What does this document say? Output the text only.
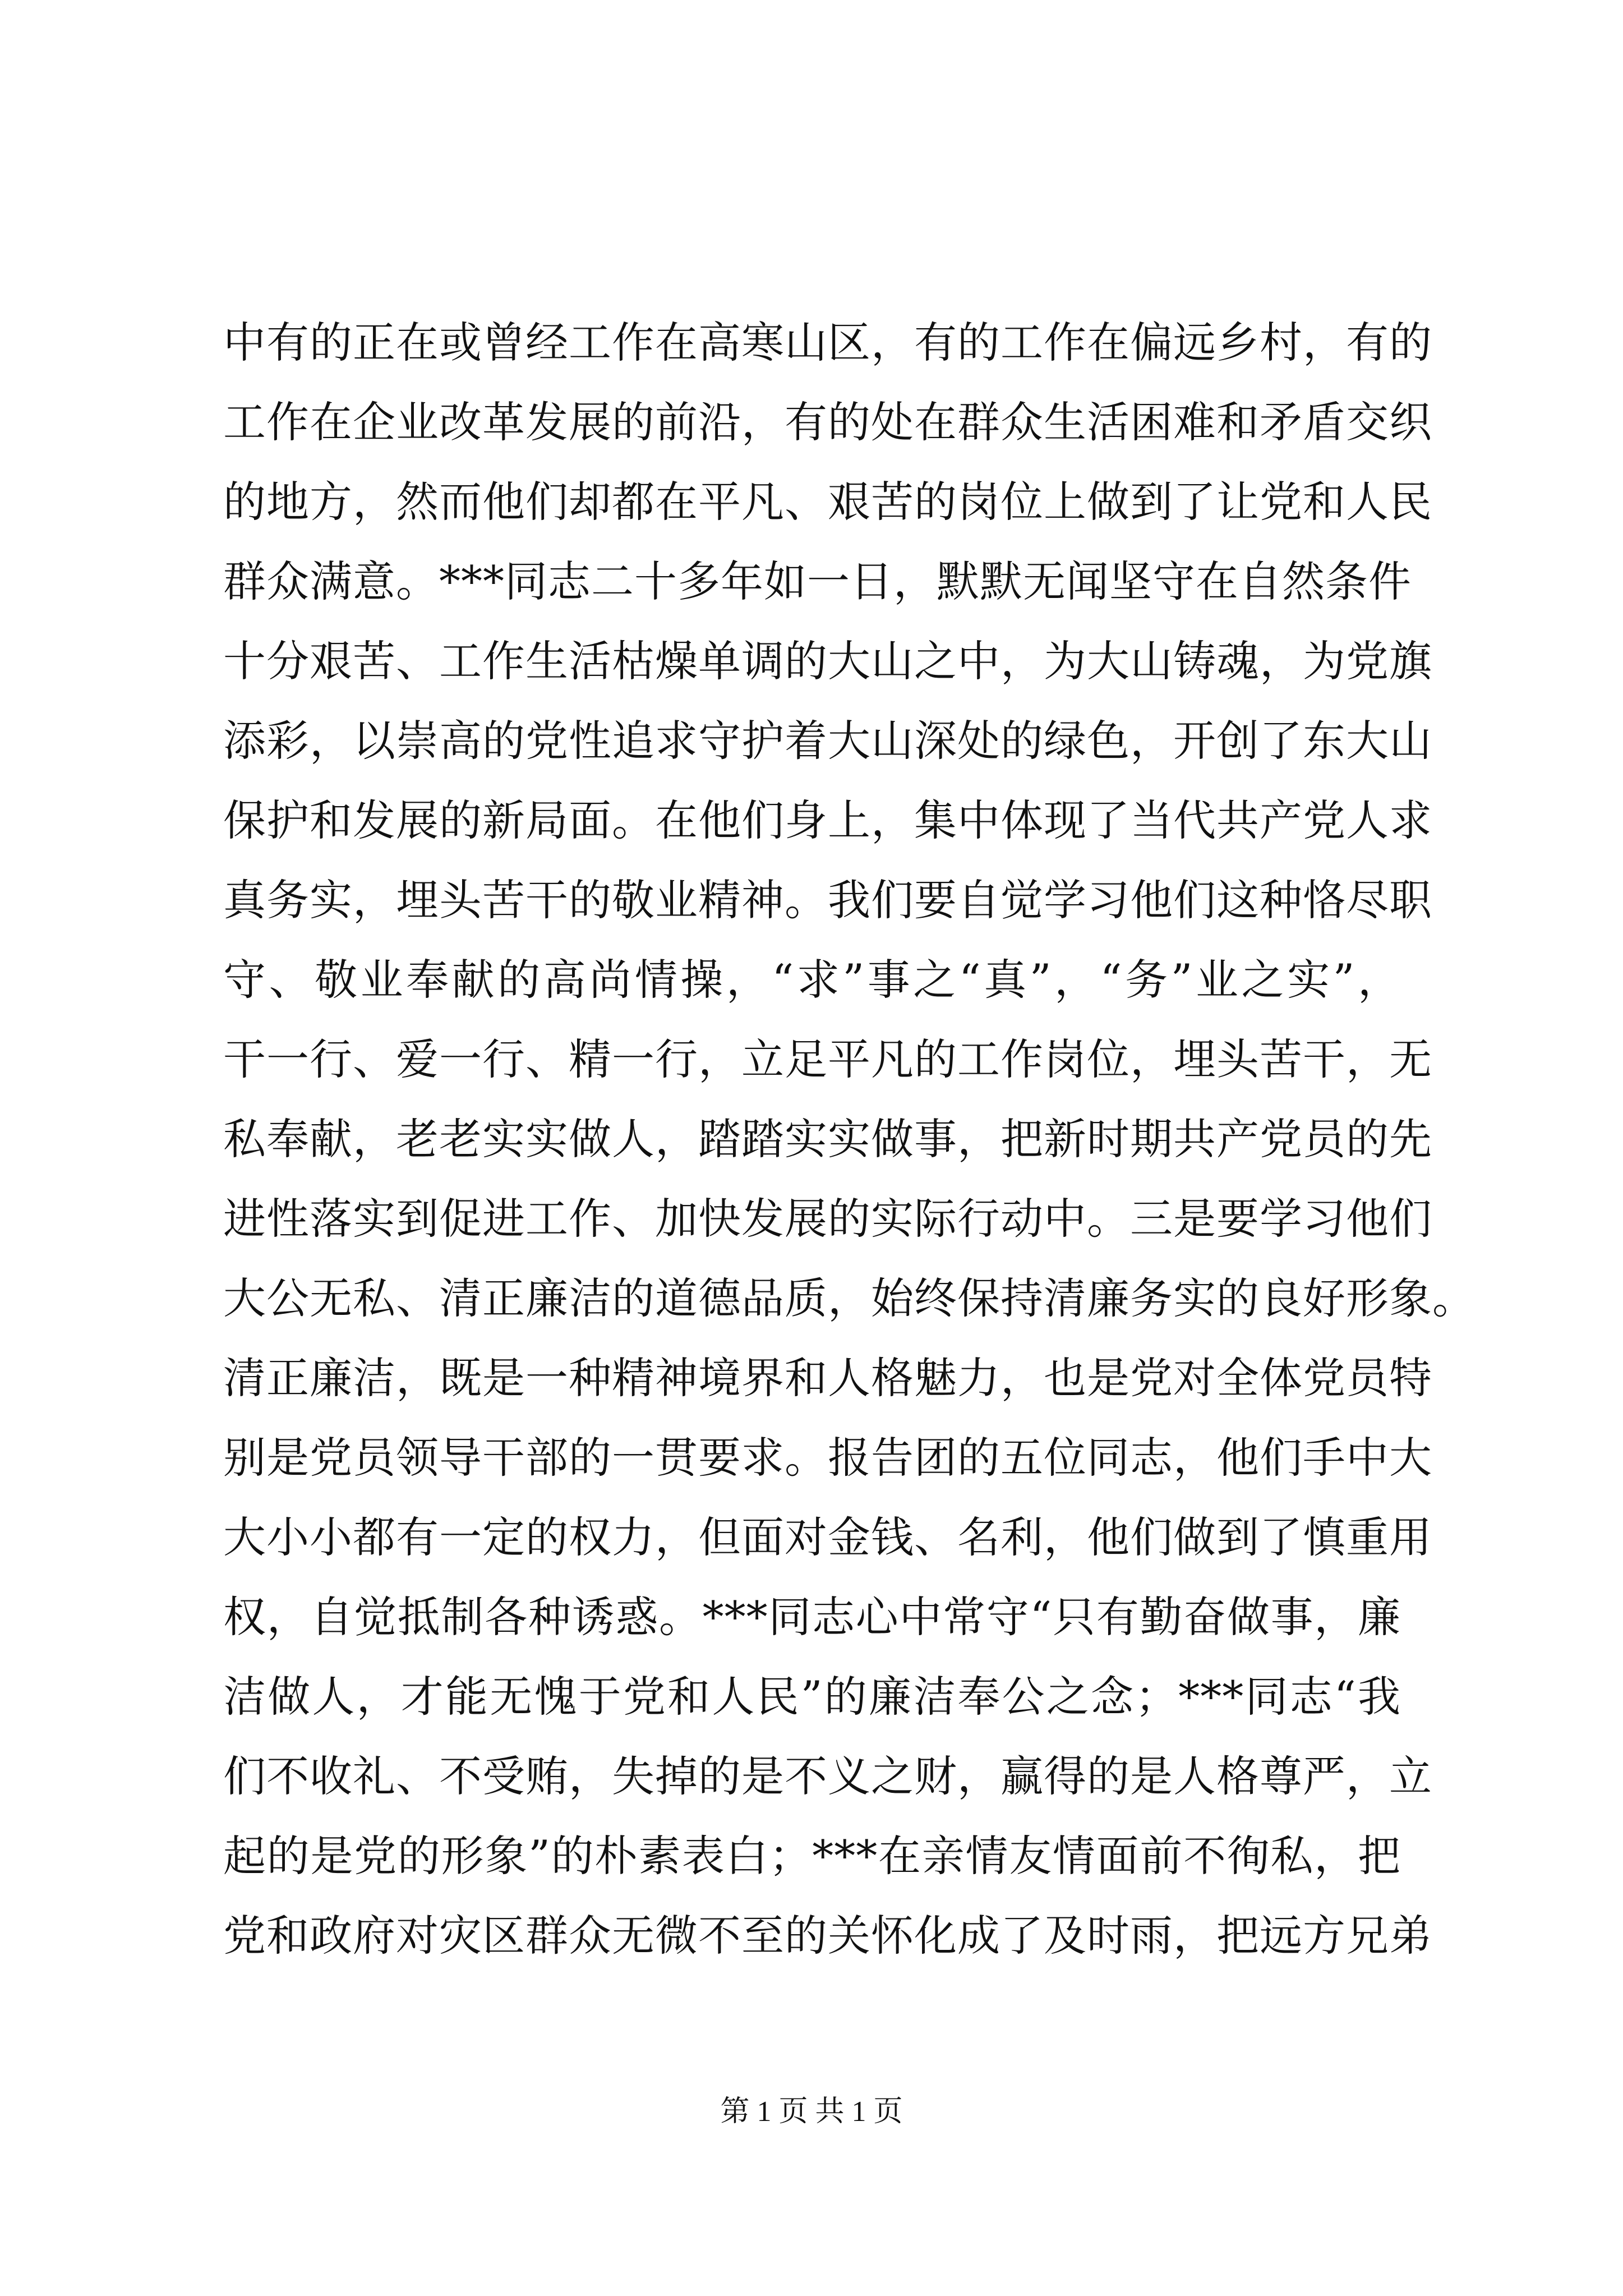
中有的正在或曾经工作在高寒山区，有的工作在偏远乡村，有的
工作在企业改革发展的前沿，有的处在群众生活困难和矛盾交织
的地方，然而他们却都在平凡、艰苦的岗位上做到了让党和人民
群众满意。***同志二十多年如一日，默默无闻坚守在自然条件
十分艰苦、工作生活枯燥单调的大山之中，为大山铸魂，为党旗
添彩，以崇高的党性追求守护着大山深处的绿色，开创了东大山
保护和发展的新局面。在他们身上，集中体现了当代共产党人求
真务实，埋头苦干的敬业精神。我们要自觉学习他们这种恪尽职
守、敬业奉献的高尚情操，“求”事之“真”，“务”业之实”，
干一行、爱一行、精一行，立足平凡的工作岗位，埋头苦干，无
私奉献，老老实实做人，踏踏实实做事，把新时期共产党员的先
进性落实到促进工作、加快发展的实际行动中。三是要学习他们
大公无私、清正廉洁的道德品质，始终保持清廉务实的良好形象。
清正廉洁，既是一种精神境界和人格魅力，也是党对全体党员特
别是党员领导干部的一贯要求。报告团的五位同志，他们手中大
大小小都有一定的权力，但面对金钱、名利，他们做到了慎重用
权，自觉抵制各种诱惑。***同志心中常守“只有勤奋做事，廉
洁做人，才能无愧于党和人民”的廉洁奉公之念；***同志“我
们不收礼、不受贿，失掉的是不义之财，赢得的是人格尊严，立
起的是党的形象”的朴素表白；***在亲情友情面前不徇私，把
党和政府对灾区群众无微不至的关怀化成了及时雨，把远方兄弟
第 1 页 共 1 页
